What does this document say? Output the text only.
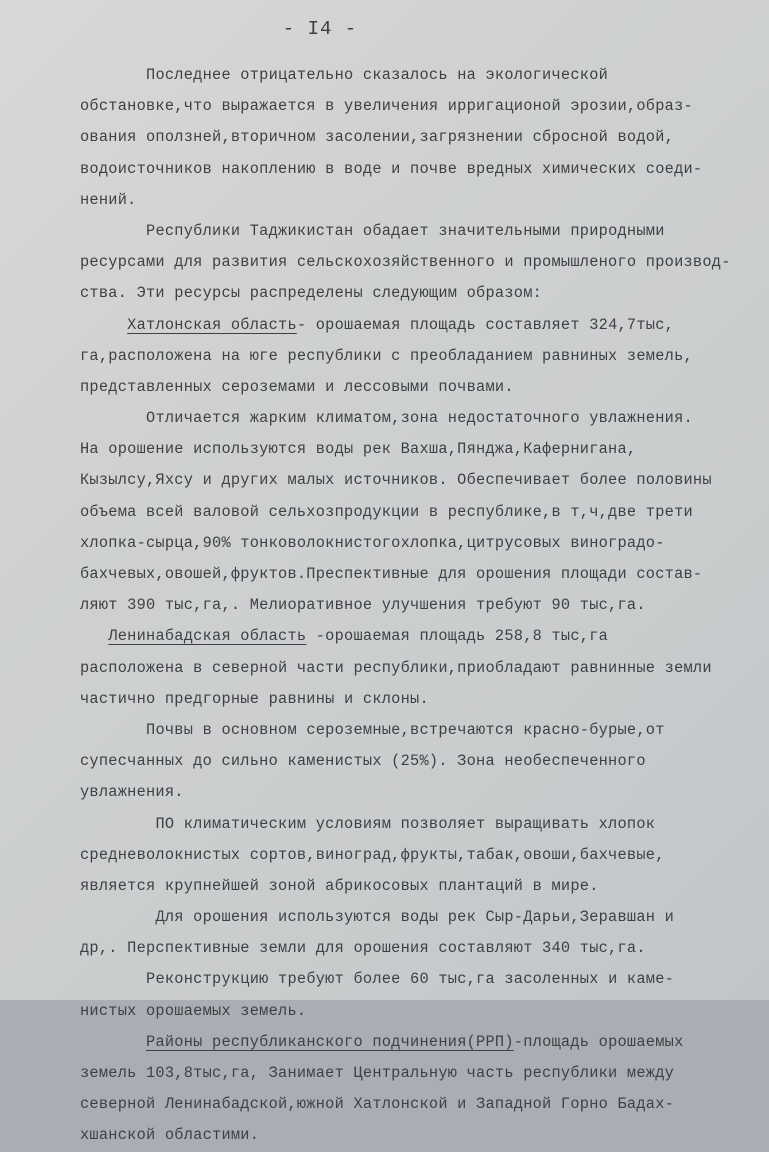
- I4 -
Последнее отрицательно сказалось на экологической
обстановке,что выражается в увеличения ирригационой эрозии,образ-
ования оползней,вторичном засолении,загрязнении сбросной водой,
водоисточников накоплению в воде и почве вредных химических соеди-
нений.
Республики Таджикистан обадает значительными природными
ресурсами для развития сельскохозяйственного и промышленого производ-
ства. Эти ресурсы распределены следующим образом:
Хатлонская область- орошаемая площадь составляет 324,7тыс,
га,расположена на юге республики с преобладанием равниных земель,
представленных сероземами и лессовыми почвами.
Отличается жарким климатом,зона недостаточного увлажнения.
На орошение используются воды рек Вахша,Пянджа,Кафернигана,
Кызылсу,Яхсу и других малых источников. Обеспечивает более половины
объема всей валовой сельхозпродукции в республике,в т,ч,две трети
хлопка-сырца,90% тонковолокнистогохлопка,цитрусовых виноградо-
бахчевых,овошей,фруктов.Преспективные для орошения площади состав-
ляют 390 тыс,га,. Мелиоративное улучшения требуют 90 тыс,га.
Ленинабадская область -орошаемая площадь 258,8 тыс,га
расположена в северной части республики,приобладают равнинные земли
частично предгорные равнины и склоны.
Почвы в основном сероземные,встречаются красно-бурые,от
супесчанных до сильно каменистых (25%). Зона необеспеченного
увлажнения.
ПО климатическим условиям позволяет выращивать хлопок
средневолокнистых сортов,виноград,фрукты,табак,овоши,бахчевые,
является крупнейшей зоной абрикосовых плантаций в мире.
Для орошения используются воды рек Сыр-Дарьи,Зеравшан и
др,. Перспективные земли для орошения составляют 340 тыс,га.
Реконструкцию требуют более 60 тыс,га засоленных и камe-
нистых орошаемых земель.
Районы республиканского подчинения(РРП)-площадь орошаемых
земель 103,8тыс,га, Занимает Центральную часть республики между
северной Ленинабадской,южной Хатлонской и Западной Горно Бадах-
хшанской областими.
